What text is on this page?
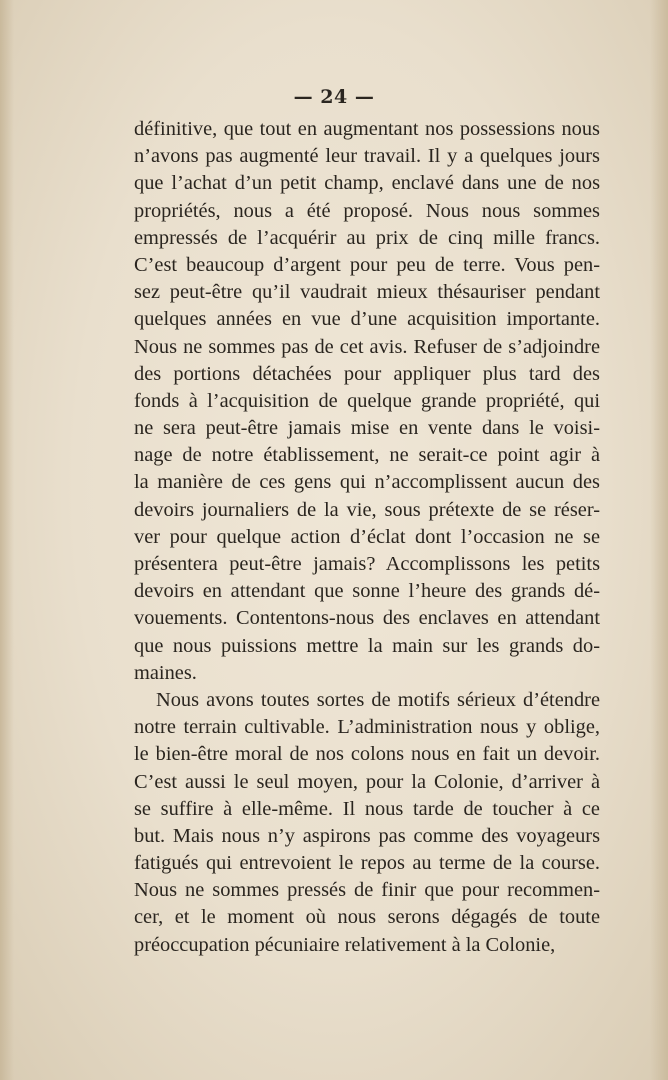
— 24 —
définitive, que tout en augmentant nos possessions nous
n’avons pas augmenté leur travail. Il y a quelques jours
que l’achat d’un petit champ, enclavé dans une de nos
propriétés, nous a été proposé. Nous nous sommes
empressés de l’acquérir au prix de cinq mille francs.
C’est beaucoup d’argent pour peu de terre. Vous pen-
sez peut-être qu’il vaudrait mieux thésauriser pendant
quelques années en vue d’une acquisition importante.
Nous ne sommes pas de cet avis. Refuser de s’adjoindre
des portions détachées pour appliquer plus tard des
fonds à l’acquisition de quelque grande propriété, qui
ne sera peut-être jamais mise en vente dans le voisi-
nage de notre établissement, ne serait-ce point agir à
la manière de ces gens qui n’accomplissent aucun des
devoirs journaliers de la vie, sous prétexte de se réser-
ver pour quelque action d’éclat dont l’occasion ne se
présentera peut-être jamais? Accomplissons les petits
devoirs en attendant que sonne l’heure des grands dé-
vouements. Contentons-nous des enclaves en attendant
que nous puissions mettre la main sur les grands do-
maines.
Nous avons toutes sortes de motifs sérieux d’étendre
notre terrain cultivable. L’administration nous y oblige,
le bien-être moral de nos colons nous en fait un devoir.
C’est aussi le seul moyen, pour la Colonie, d’arriver à
se suffire à elle-même. Il nous tarde de toucher à ce
but. Mais nous n’y aspirons pas comme des voyageurs
fatigués qui entrevoient le repos au terme de la course.
Nous ne sommes pressés de finir que pour recommen-
cer, et le moment où nous serons dégagés de toute
préoccupation pécuniaire relativement à la Colonie,
